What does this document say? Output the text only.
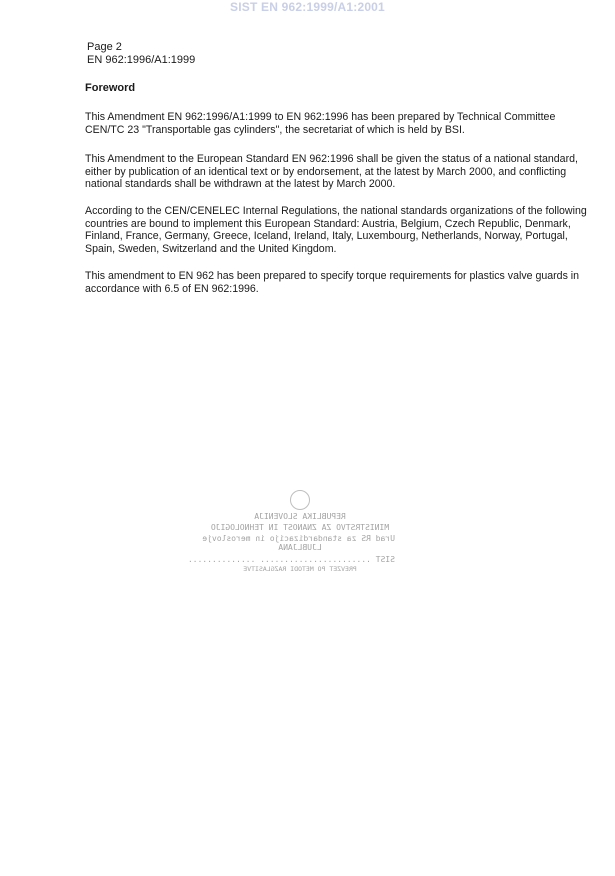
SIST EN 962:1999/A1:2001
Page 2
EN 962:1996/A1:1999
Foreword

This Amendment EN 962:1996/A1:1999 to EN 962:1996 has been prepared by Technical Committee CEN/TC 23 "Transportable gas cylinders", the secretariat of which is held by BSI.

This Amendment to the European Standard EN 962:1996 shall be given the status of a national standard, either by publication of an identical text or by endorsement, at the latest by March 2000, and conflicting national standards shall be withdrawn at the latest by March 2000.

According to the CEN/CENELEC Internal Regulations, the national standards organizations of the following countries are bound to implement this European Standard: Austria, Belgium, Czech Republic, Denmark, Finland, France, Germany, Greece, Iceland, Ireland, Italy, Luxembourg, Netherlands, Norway, Portugal, Spain, Sweden, Switzerland and the United Kingdom.

This amendment to EN 962 has been prepared to specify torque requirements for plastics valve guards in accordance with 6.5 of EN 962:1996.

REPUBLIKA SLOVENIJA
MINISTRSTVO ZA ZNANOST IN TEHNOLOGIJO
Urad RS za standardizacijo in meroslovje
LJUBLJANA
SIST ....................... ..............
PREVZET PO METODI RAZGLASITVE
